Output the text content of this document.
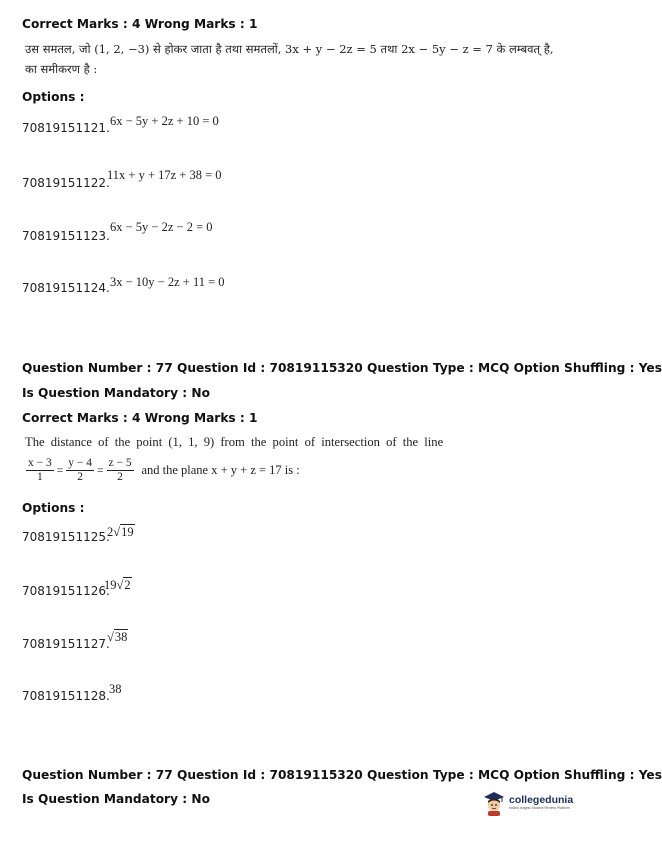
Correct Marks : 4 Wrong Marks : 1
उस समतल, जो (1, 2, −3) से होकर जाता है तथा समतलों, 3x + y − 2z = 5 तथा 2x − 5y − z = 7 के लम्बवत् है,
का समीकरण है :
Options :
70819151121. 6x − 5y + 2z + 10 = 0
70819151122.
11x + y + 17z + 38 = 0
70819151123.
6x − 5y − 2z − 2 = 0
70819151124. 3x − 10y − 2z + 11 = 0
Question Number : 77 Question Id : 70819115320 Question Type : MCQ Option Shuffling : Yes
Is Question Mandatory : No
Correct Marks : 4 Wrong Marks : 1
The distance of the point (1, 1, 9) from the point of intersection of the line
$\frac{x - 3}{1} = \frac{y - 4}{2} = \frac{z - 5}{2}$ and the plane x + y + z = 17 is :
Options :
70819151125.
2√19
70819151126.
19√2
70819151127.
√38
70819151128. 38
Question Number : 77 Question Id : 70819115320 Question Type : MCQ Option Shuffling : Yes
Is Question Mandatory : No	collegedunia
India's largest Student Review Platform
